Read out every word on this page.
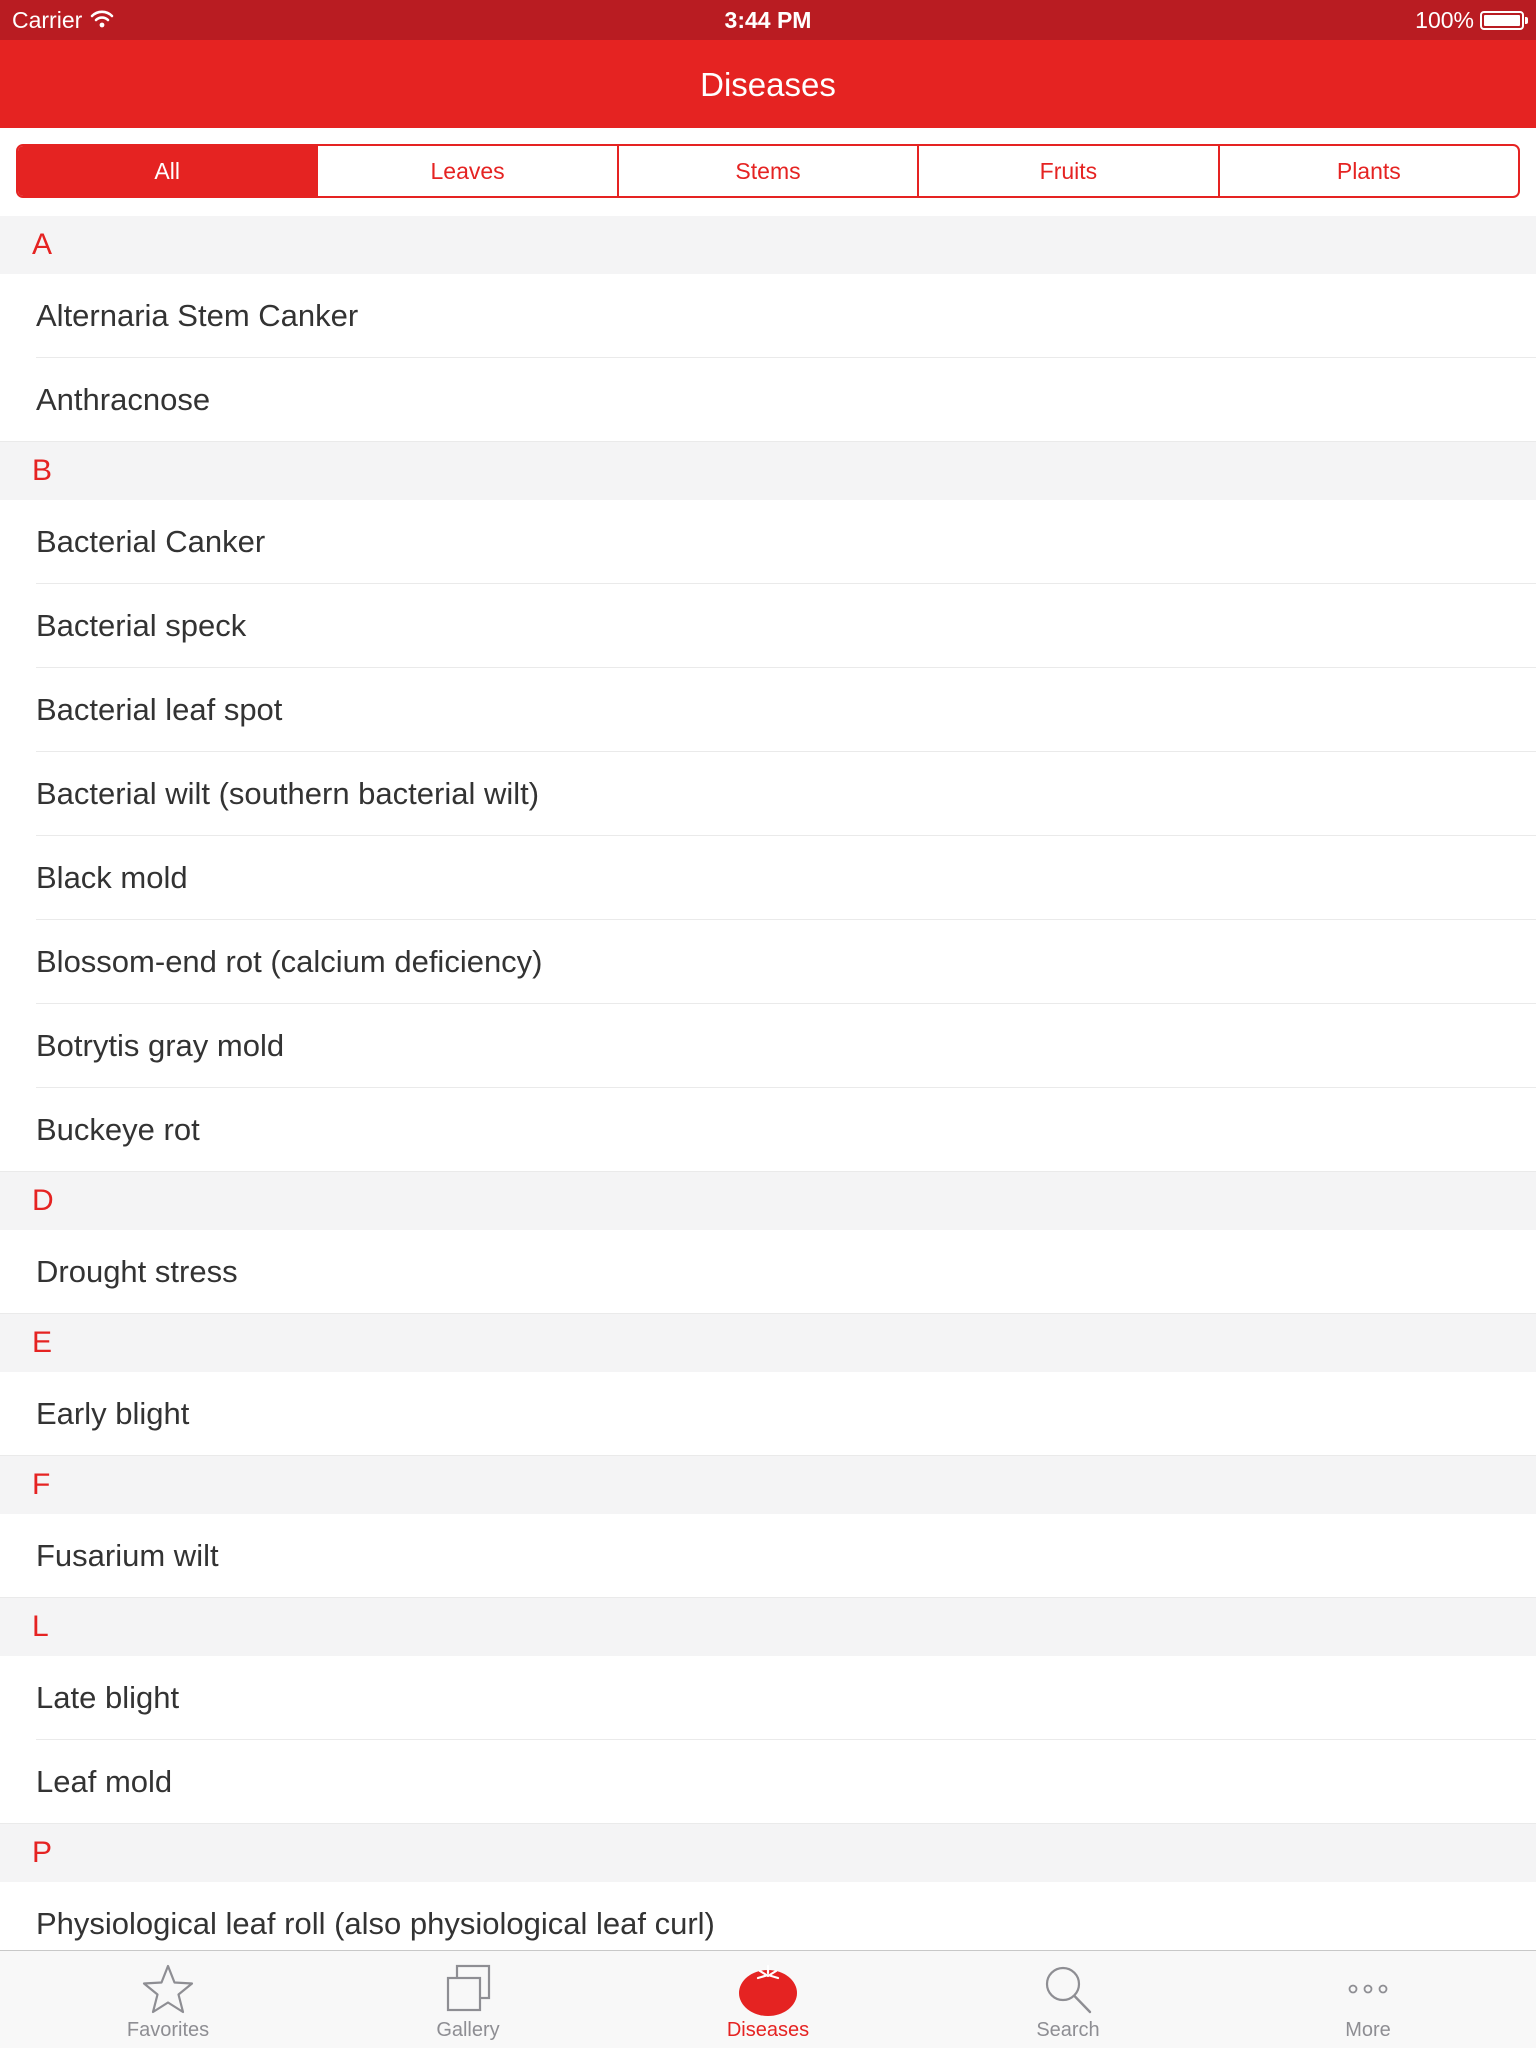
Carrier	3:44 PM	100%
Diseases
All	Leaves	Stems	Fruits	Plants
A
Alternaria Stem Canker
Anthracnose
B
Bacterial Canker
Bacterial speck
Bacterial leaf spot
Bacterial wilt (southern bacterial wilt)
Black mold
Blossom-end rot (calcium deficiency)
Botrytis gray mold
Buckeye rot
D
Drought stress
E
Early blight
F
Fusarium wilt
L
Late blight
Leaf mold
P
Physiological leaf roll (also physiological leaf curl)
Favorites	Gallery	Diseases	Search	More
